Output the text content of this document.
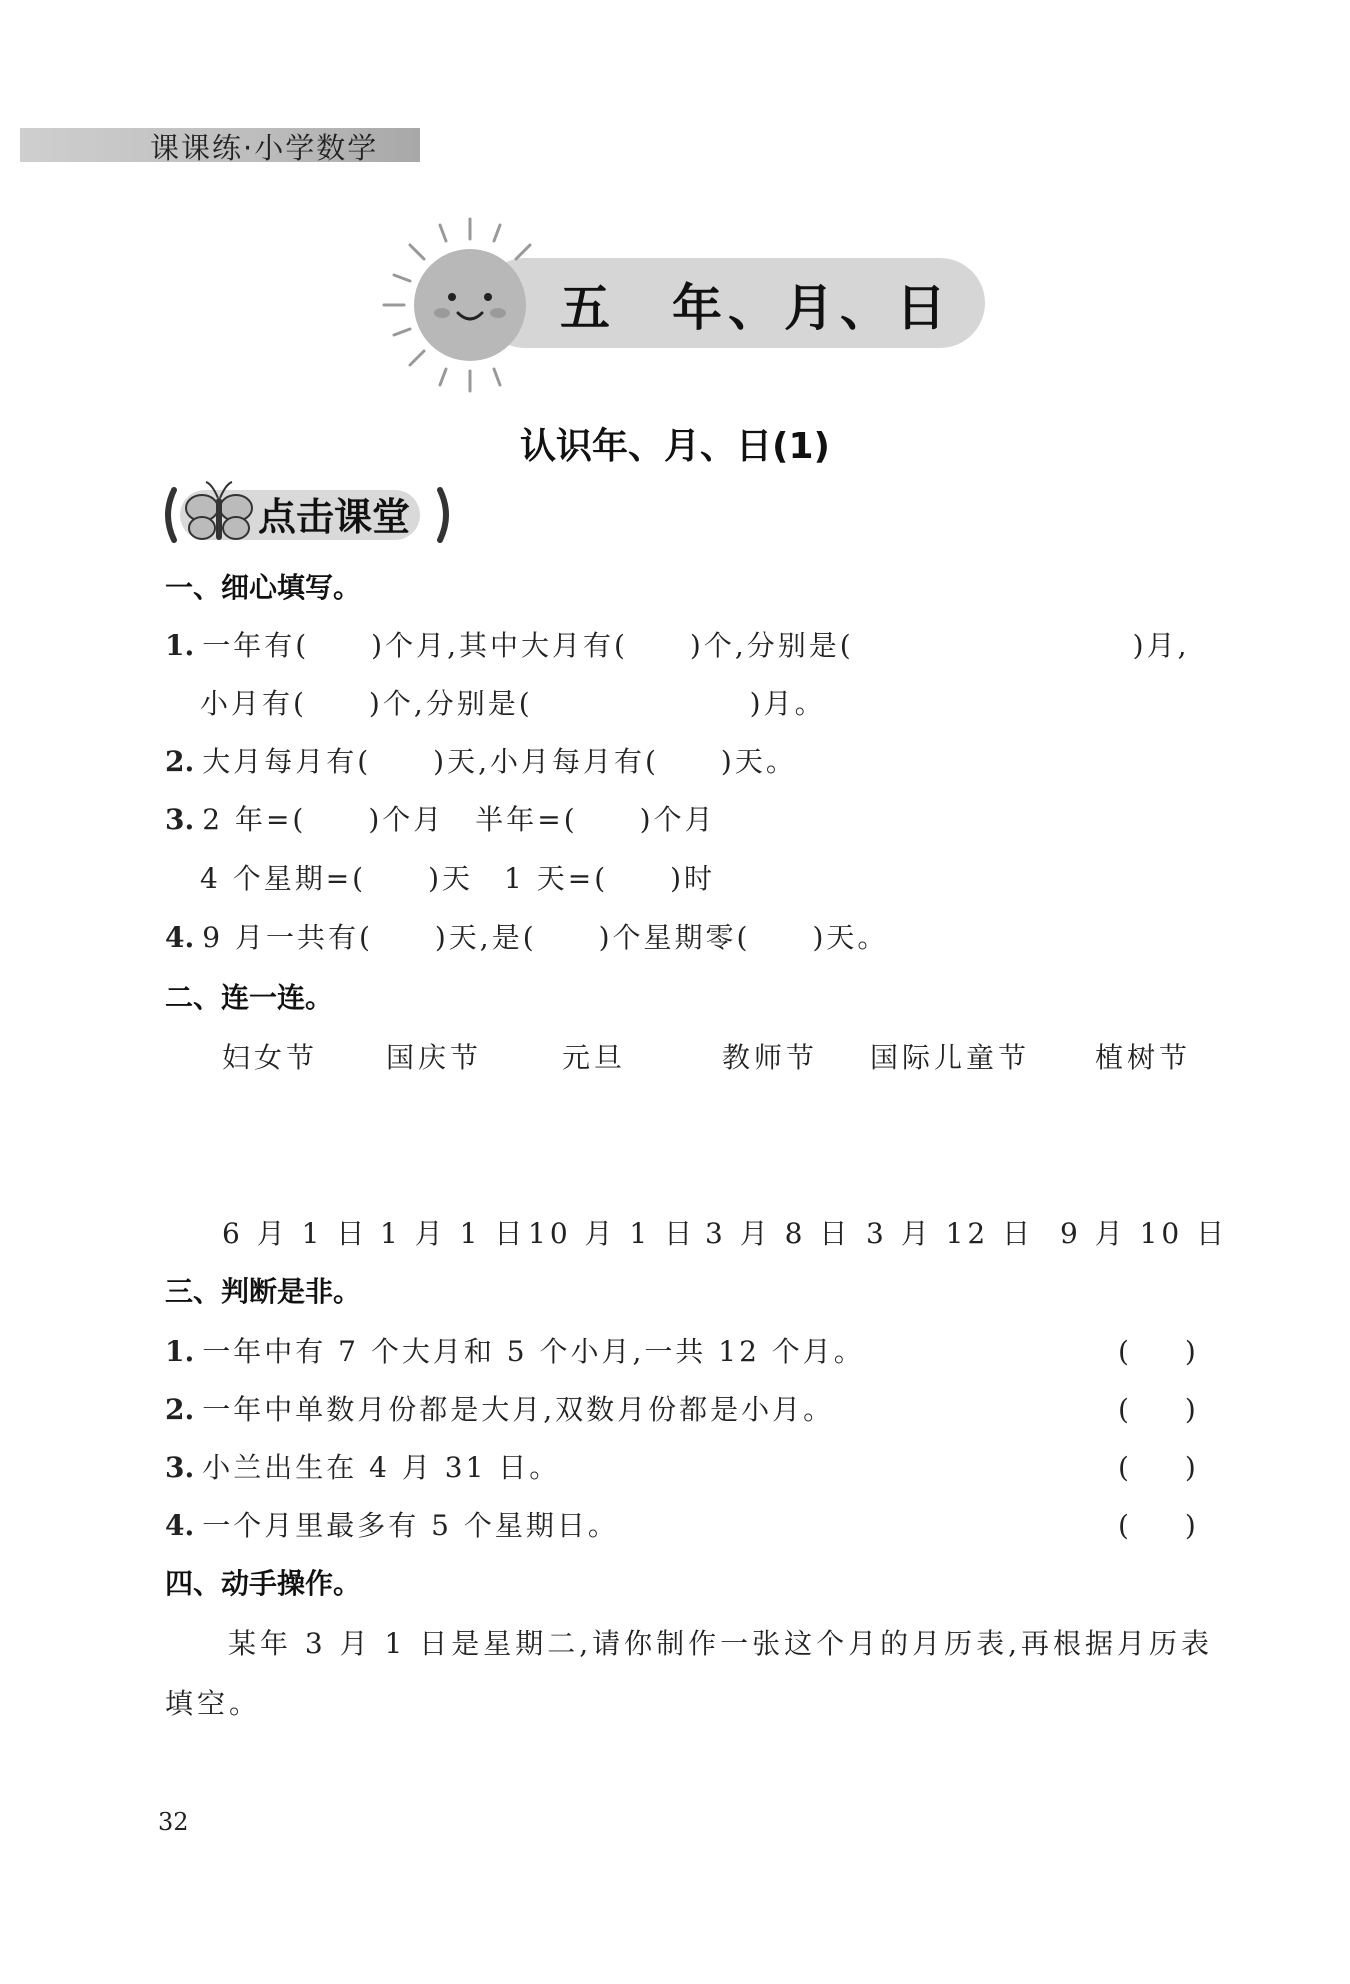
课课练·小学数学
五　年、月、日
认识年、月、日(1)
点击课堂
一、细心填写。
1. 一年有(　　)个月,其中大月有(　　)个,分别是(　　　　　　　　　)月,
小月有(　　)个,分别是(　　　　　　　)月。
2. 大月每月有(　　)天,小月每月有(　　)天。
3. 2 年=(　　)个月　半年=(　　)个月
4 个星期=(　　)天　1 天=(　　)时
4. 9 月一共有(　　)天,是(　　)个星期零(　　)天。
二、连一连。
妇女节 国庆节	元旦	教师节 国际儿童节 植树节
6 月 1 日 1 月 1 日 10 月 1 日 3 月 8 日 3 月 12 日 9 月 10 日
三、判断是非。
1. 一年中有 7 个大月和 5 个小月,一共 12 个月。	(　　)
2. 一年中单数月份都是大月,双数月份都是小月。	(　　)
3. 小兰出生在 4 月 31 日。	(　　)
4. 一个月里最多有 5 个星期日。	(　　)
四、动手操作。
某年 3 月 1 日是星期二,请你制作一张这个月的月历表,再根据月历表
填空。
32
